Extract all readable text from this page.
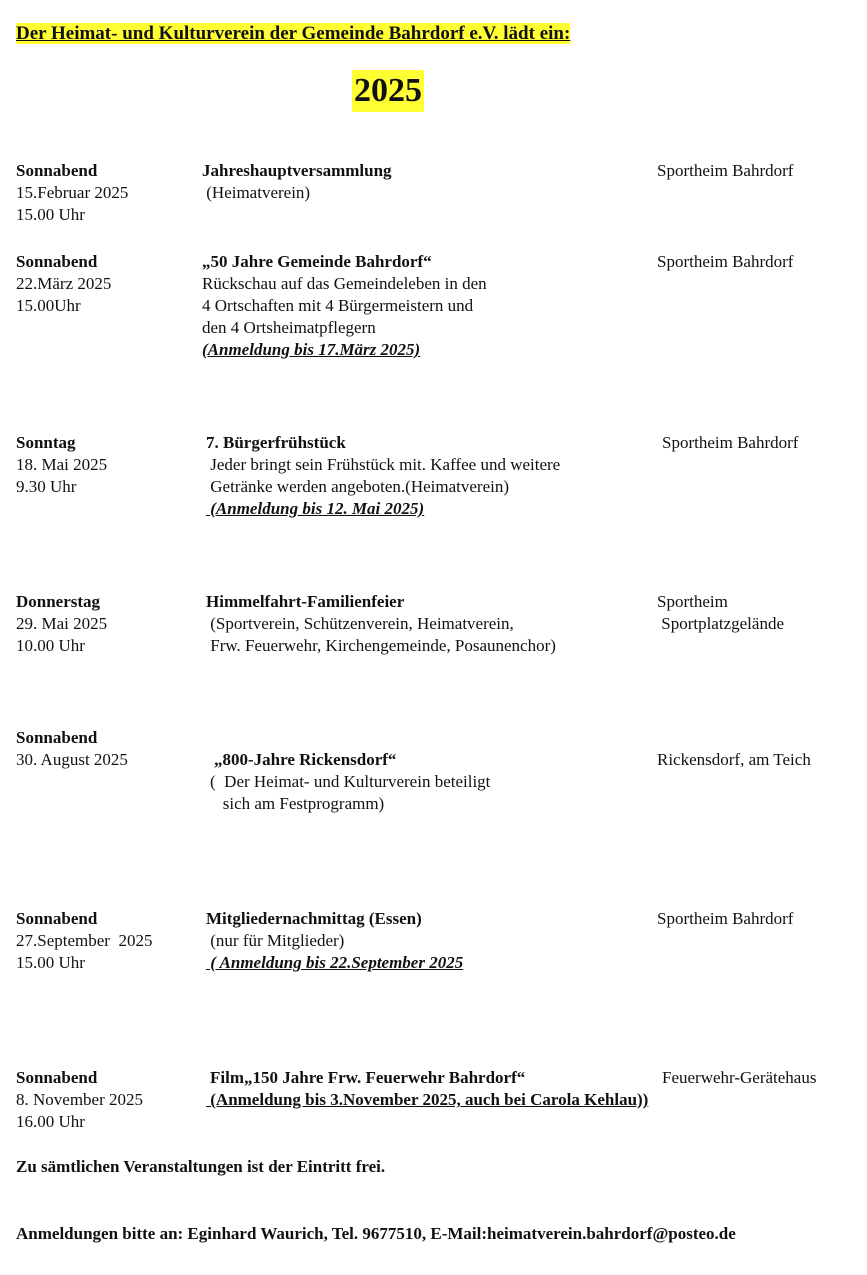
Der Heimat- und Kulturverein der Gemeinde Bahrdorf e.V. lädt ein:
2025
Sonnabend
15.Februar 2025
15.00 Uhr
Jahreshauptversammlung
(Heimatverein)
Sportheim Bahrdorf
Sonnabend
22.März 2025
15.00Uhr
„50 Jahre Gemeinde Bahrdorf“
Rückschau auf das Gemeindeleben in den
4 Ortschaften mit 4 Bürgermeistern und
den 4 Ortsheimatpflegern
(Anmeldung bis 17.März 2025)
Sportheim Bahrdorf
Sonntag
18. Mai 2025
9.30 Uhr
7. Bürgerfrühstück
Jeder bringt sein Frühstück mit. Kaffee und weitere
Getränke werden angeboten.(Heimatverein)
(Anmeldung bis 12. Mai 2025)
Sportheim Bahrdorf
Donnerstag
29. Mai 2025
10.00 Uhr
Himmelfahrt-Familienfeier
(Sportverein, Schützenverein, Heimatverein,
Frw. Feuerwehr, Kirchengemeinde, Posaunenchor)
Sportheim
Sportplatzgelände
Sonnabend
30. August 2025	„800-Jahre Rickensdorf“
(  Der Heimat- und Kulturverein beteiligt
sich am Festprogramm)
Rickensdorf, am Teich
Sonnabend
27.September  2025
15.00 Uhr
Mitgliedernachmittag (Essen)
(nur für Mitglieder)
( Anmeldung bis 22.September 2025
Sportheim Bahrdorf
Sonnabend
8. November 2025
16.00 Uhr
Film„150 Jahre Frw. Feuerwehr Bahrdorf“
(Anmeldung bis 3.November 2025, auch bei Carola Kehlau))
Feuerwehr-Gerätehaus
Zu sämtlichen Veranstaltungen ist der Eintritt frei.
Anmeldungen bitte an: Eginhard Waurich, Tel. 9677510, E-Mail:heimatverein.bahrdorf@posteo.de
